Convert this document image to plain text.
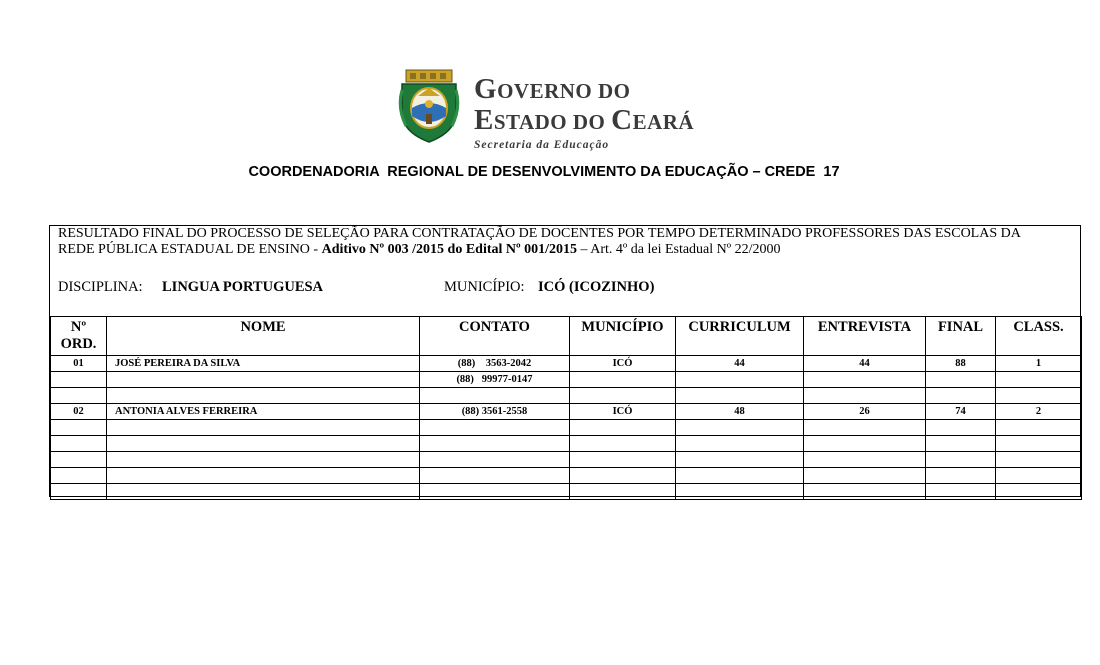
GOVERNO DO
ESTADO DO CEARÁ
Secretaria da Educação
COORDENADORIA  REGIONAL DE DESENVOLVIMENTO DA EDUCAÇÃO – CREDE  17
RESULTADO FINAL DO PROCESSO DE SELEÇÃO PARA CONTRATAÇÃO DE DOCENTES POR TEMPO DETERMINADO PROFESSORES DAS ESCOLAS DA
REDE PÚBLICA ESTADUAL DE ENSINO - Aditivo Nº 003 /2015 do Edital Nº 001/2015 – Art. 4º da lei Estadual Nº 22/2000
DISCIPLINA: LINGUA PORTUGUESA	MUNICÍPIO: ICÓ (ICOZINHO)
Nº
ORD.	NOME	CONTATO	MUNICÍPIO	CURRICULUM	ENTREVISTA	FINAL	CLASS.
01	JOSÉ PEREIRA DA SILVA	(88)    3563-2042	ICÓ	44	44	88	1
		(88)   99977-0147					

02	ANTONIA ALVES FERREIRA	(88) 3561-2558	ICÓ	48	26	74	2
